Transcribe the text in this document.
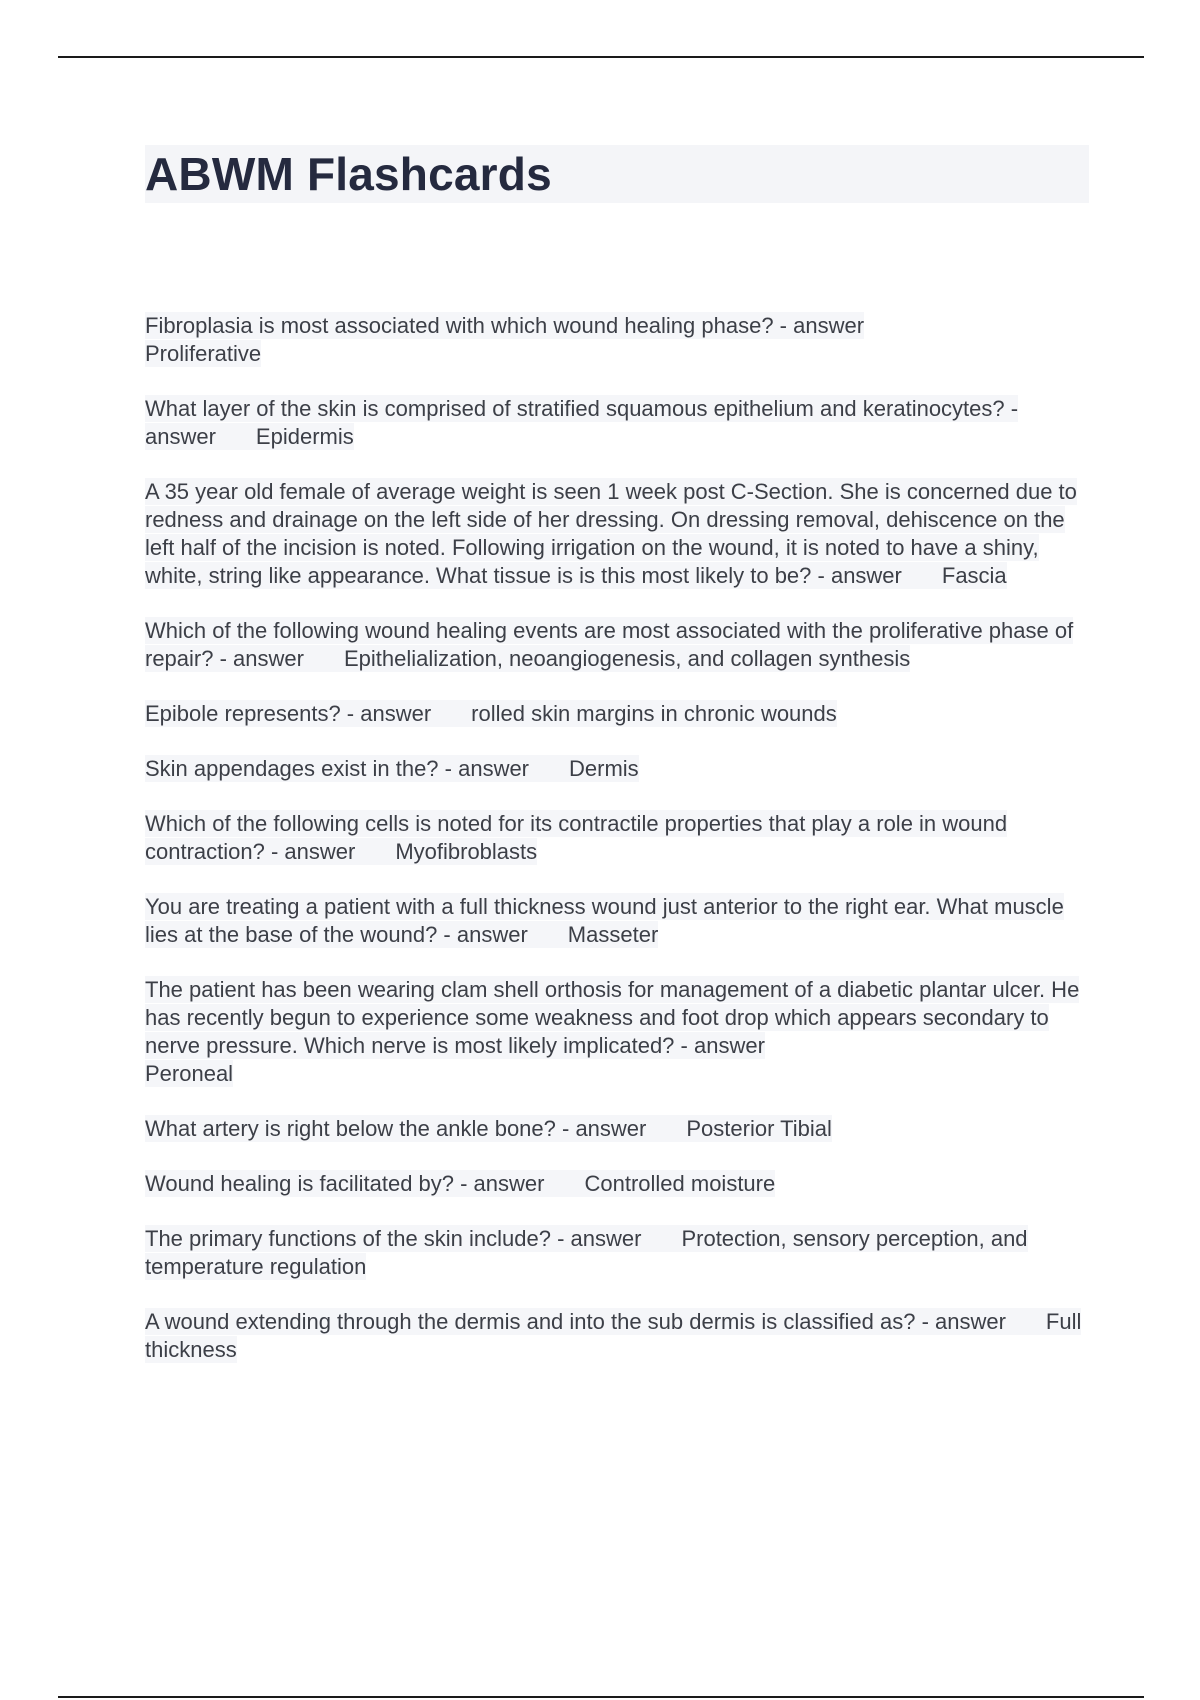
ABWM Flashcards

Fibroplasia is most associated with which wound healing phase? - answer
Proliferative

What layer of the skin is comprised of stratified squamous epithelium and keratinocytes? - answer Epidermis

A 35 year old female of average weight is seen 1 week post C-Section. She is concerned due to redness and drainage on the left side of her dressing. On dressing removal, dehiscence on the left half of the incision is noted. Following irrigation on the wound, it is noted to have a shiny, white, string like appearance. What tissue is is this most likely to be? - answer Fascia

Which of the following wound healing events are most associated with the proliferative phase of repair? - answer Epithelialization, neoangiogenesis, and collagen synthesis

Epibole represents? - answer rolled skin margins in chronic wounds

Skin appendages exist in the? - answer Dermis

Which of the following cells is noted for its contractile properties that play a role in wound contraction? - answer Myofibroblasts

You are treating a patient with a full thickness wound just anterior to the right ear. What muscle lies at the base of the wound? - answer Masseter

The patient has been wearing clam shell orthosis for management of a diabetic plantar ulcer. He has recently begun to experience some weakness and foot drop which appears secondary to nerve pressure. Which nerve is most likely implicated? - answer
Peroneal

What artery is right below the ankle bone? - answer Posterior Tibial

Wound healing is facilitated by? - answer Controlled moisture

The primary functions of the skin include? - answer Protection, sensory perception, and temperature regulation

A wound extending through the dermis and into the sub dermis is classified as? - answer Full thickness
